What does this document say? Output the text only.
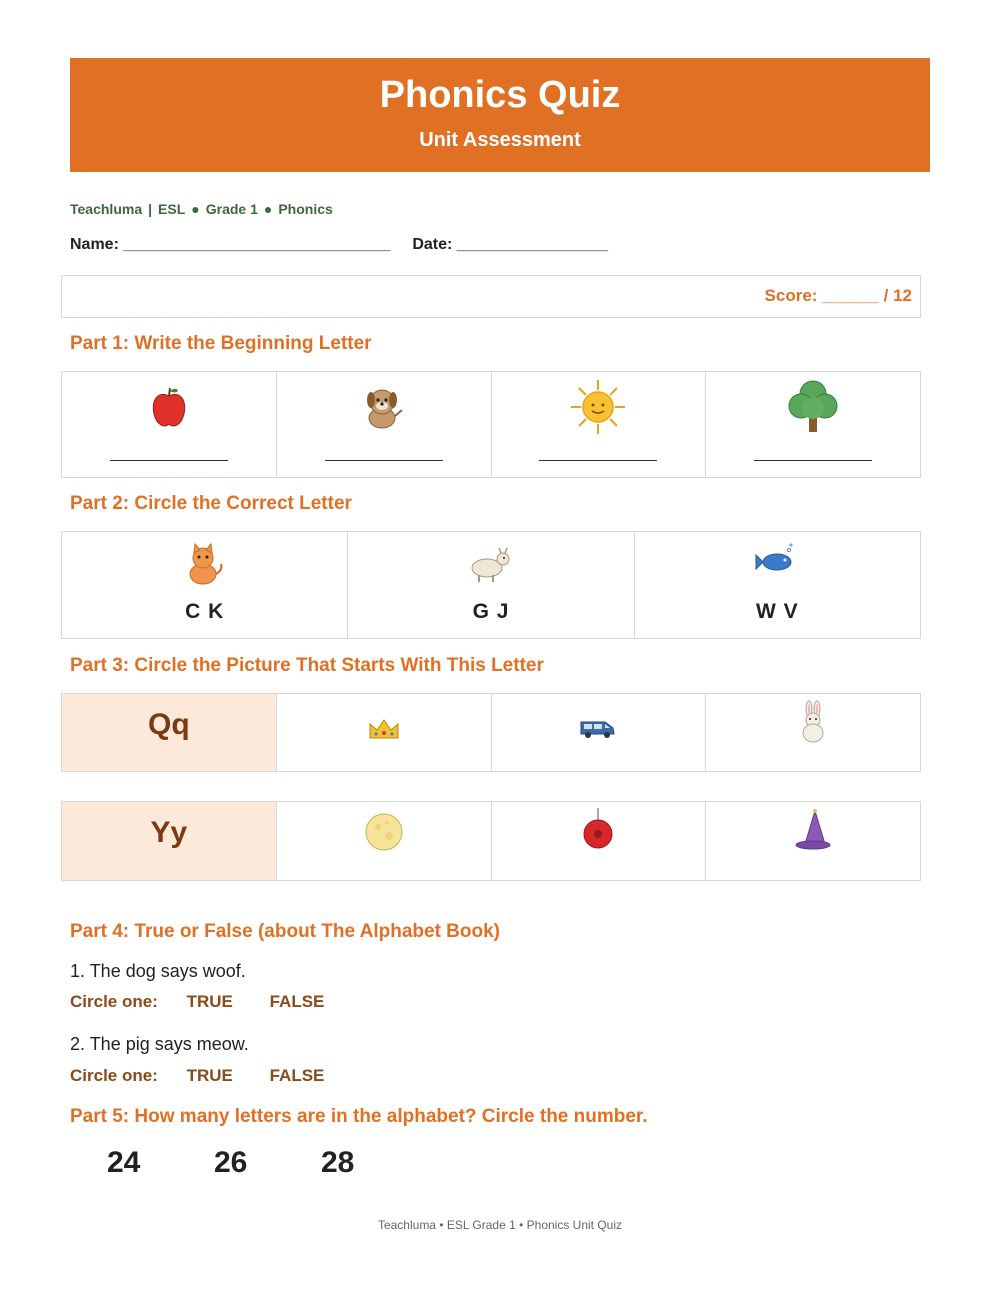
Phonics Quiz
Unit Assessment
Teachluma | ESL ● Grade 1 ● Phonics
Name: ______________________________ Date: _________________
Score: ______ / 12
Part 1: Write the Beginning Letter
Part 2: Circle the Correct Letter
C K	G J	W V
Part 3: Circle the Picture That Starts With This Letter
Qq
Yy
Part 4: True or False (about The Alphabet Book)
1. The dog says woof.
Circle one: TRUE FALSE
2. The pig says meow.
Circle one: TRUE FALSE
Part 5: How many letters are in the alphabet? Circle the number.
24 26 28
Teachluma • ESL Grade 1 • Phonics Unit Quiz
